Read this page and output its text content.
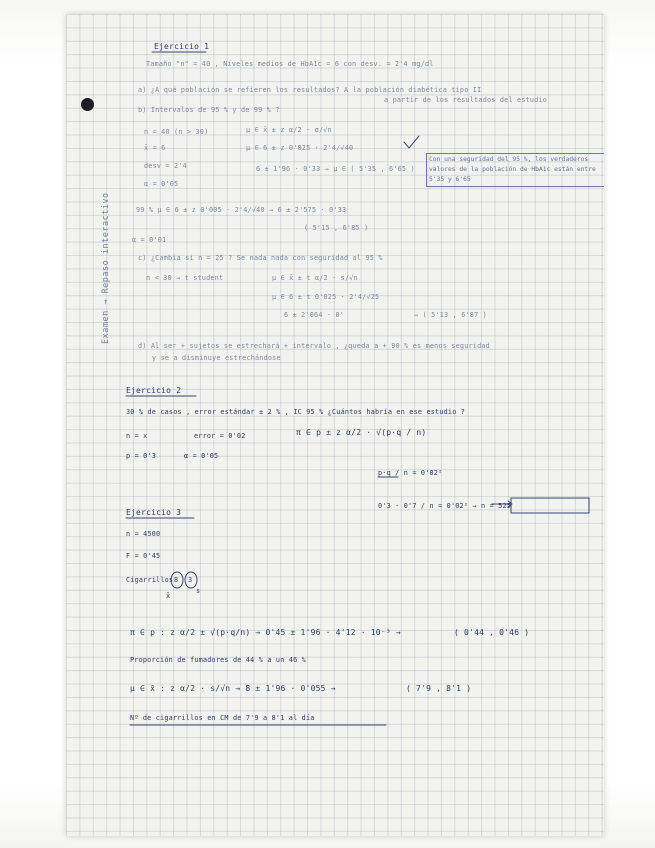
Examen → Repaso interactivo
Ejercicio 1
Tamaño "n" = 40 , Niveles medios de HbA1c = 6 con desv. = 2'4 mg/dl
a) ¿A qué población se refieren los resultados? A la población diabética tipo II
a partir de los resultados del estudio
b) Intervalos de 95 % y de 99 % ?
n = 40 (n > 30)	μ ∈ x̄ ± z α/2 · σ/√n
x̄ = 6	μ ∈ 6 ± z 0'025 · 2'4/√40
desv = 2'4	6 ± 1'96 · 0'33 → μ ∈ ( 5'35 , 6'65 )
Con una seguridad del 95 %, los verdaderos valores de la población de HbA1c están entre 5'35 y 6'65
α = 0'05
99 % μ ∈ 6 ± z 0'005 · 2'4/√40 → 6 ± 2'575 · 0'33
( 5'15 , 6'85 )
α = 0'01
c) ¿Cambia si n = 25 ? Se nada nada con seguridad al 95 %
n < 30 → t student	μ ∈ x̄ ± t α/2 · s/√n
μ ∈ 6 ± t 0'025 · 2'4/√25
6 ± 2'064 · 0'	→ ( 5'13 , 6'87 )
d) Al ser + sujetos se estrechará + intervalo , ¿queda a + 90 % es menos seguridad
y se a disminuye estrechándose
Ejercicio 2
30 % de casos , error estándar ± 2 % , IC 95 % ¿Cuántos habría en ese estudio ?
n = x	error = 0'02	π ∈ p ± z α/2 · √(p·q / n)
p = 0'3	α = 0'05
p·q / n = 0'02²
0'3 · 0'7 / n = 0'02² → n = 525
Ejercicio 3
n = 4500
F = 0'45
Cigarrillos 8 3
x̄
s
π ∈ p : z α/2 ± √(p·q/n) → 0'45 ± 1'96 · 4'12 · 10⁻³ →	( 0'44 , 0'46 )
Proporción de fumadores de 44 % a un 46 %
μ ∈ x̄ : z α/2 · s/√n → 8 ± 1'96 · 0'055 →	( 7'9 , 8'1 )
Nº de cigarrillos en CM de 7'9 a 8'1 al día
